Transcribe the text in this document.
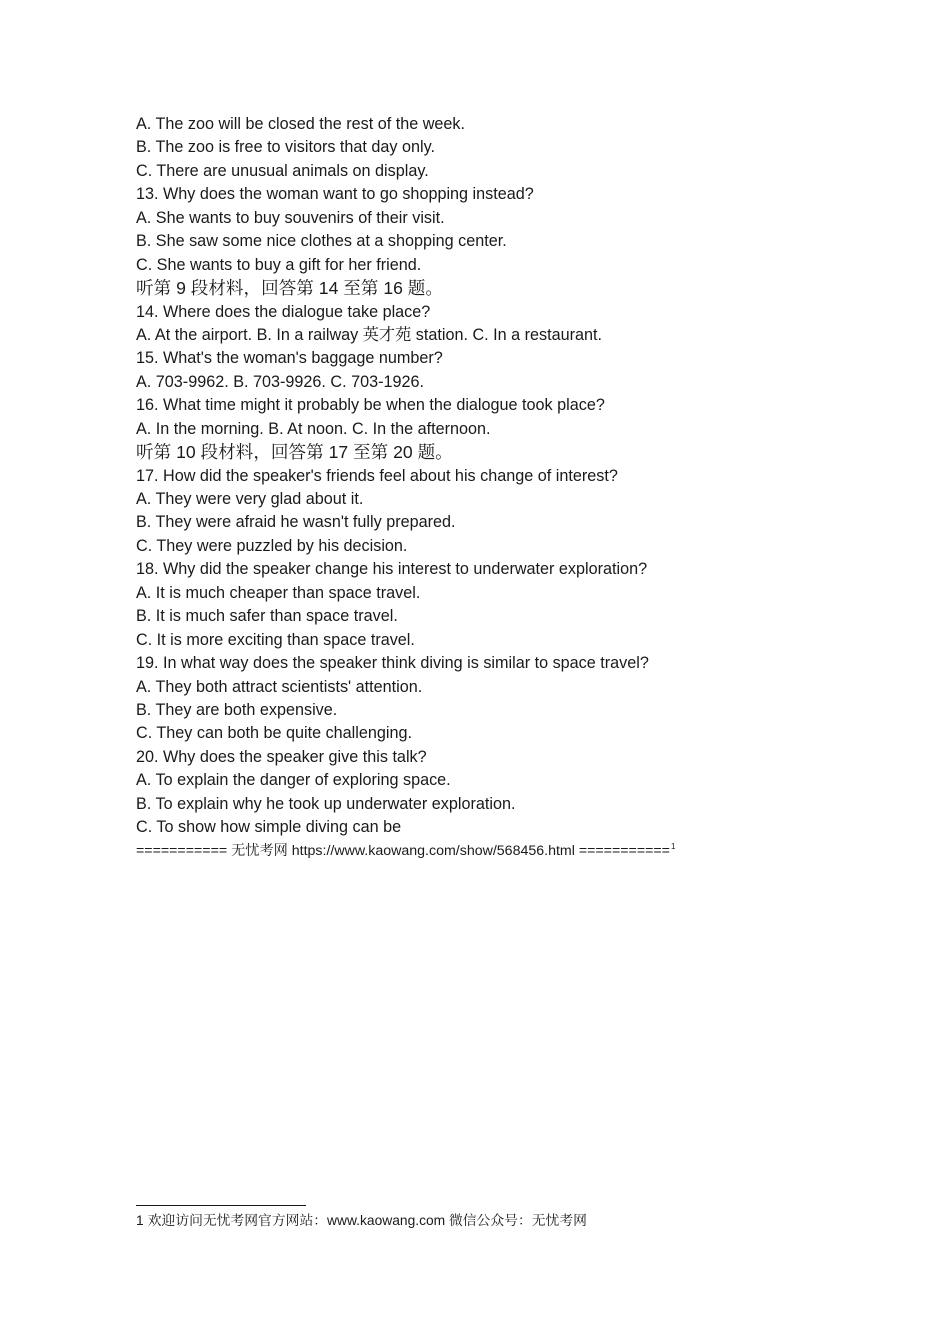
A. The zoo will be closed the rest of the week.
B. The zoo is free to visitors that day only.
C. There are unusual animals on display.
13. Why does the woman want to go shopping instead?
A. She wants to buy souvenirs of their visit.
B. She saw some nice clothes at a shopping center.
C. She wants to buy a gift for her friend.
听第 9 段材料，回答第 14 至第 16 题。
14. Where does the dialogue take place?
A. At the airport. B. In a railway 英才苑 station. C. In a restaurant.
15. What's the woman's baggage number?
A. 703-9962. B. 703-9926. C. 703-1926.
16. What time might it probably be when the dialogue took place?
A. In the morning. B. At noon. C. In the afternoon.
听第 10 段材料，回答第 17 至第 20 题。
17. How did the speaker's friends feel about his change of interest?
A. They were very glad about it.
B. They were afraid he wasn't fully prepared.
C. They were puzzled by his decision.
18. Why did the speaker change his interest to underwater exploration?
A. It is much cheaper than space travel.
B. It is much safer than space travel.
C. It is more exciting than space travel.
19. In what way does the speaker think diving is similar to space travel?
A. They both attract scientists' attention.
B. They are both expensive.
C. They can both be quite challenging.
20. Why does the speaker give this talk?
A. To explain the danger of exploring space.
B. To explain why he took up underwater exploration.
C. To show how simple diving can be
=========== 无忧考网 https://www.kaowang.com/show/568456.html ===========$^1$
1 欢迎访问无忧考网官方网站：www.kaowang.com 微信公众号：无忧考网
